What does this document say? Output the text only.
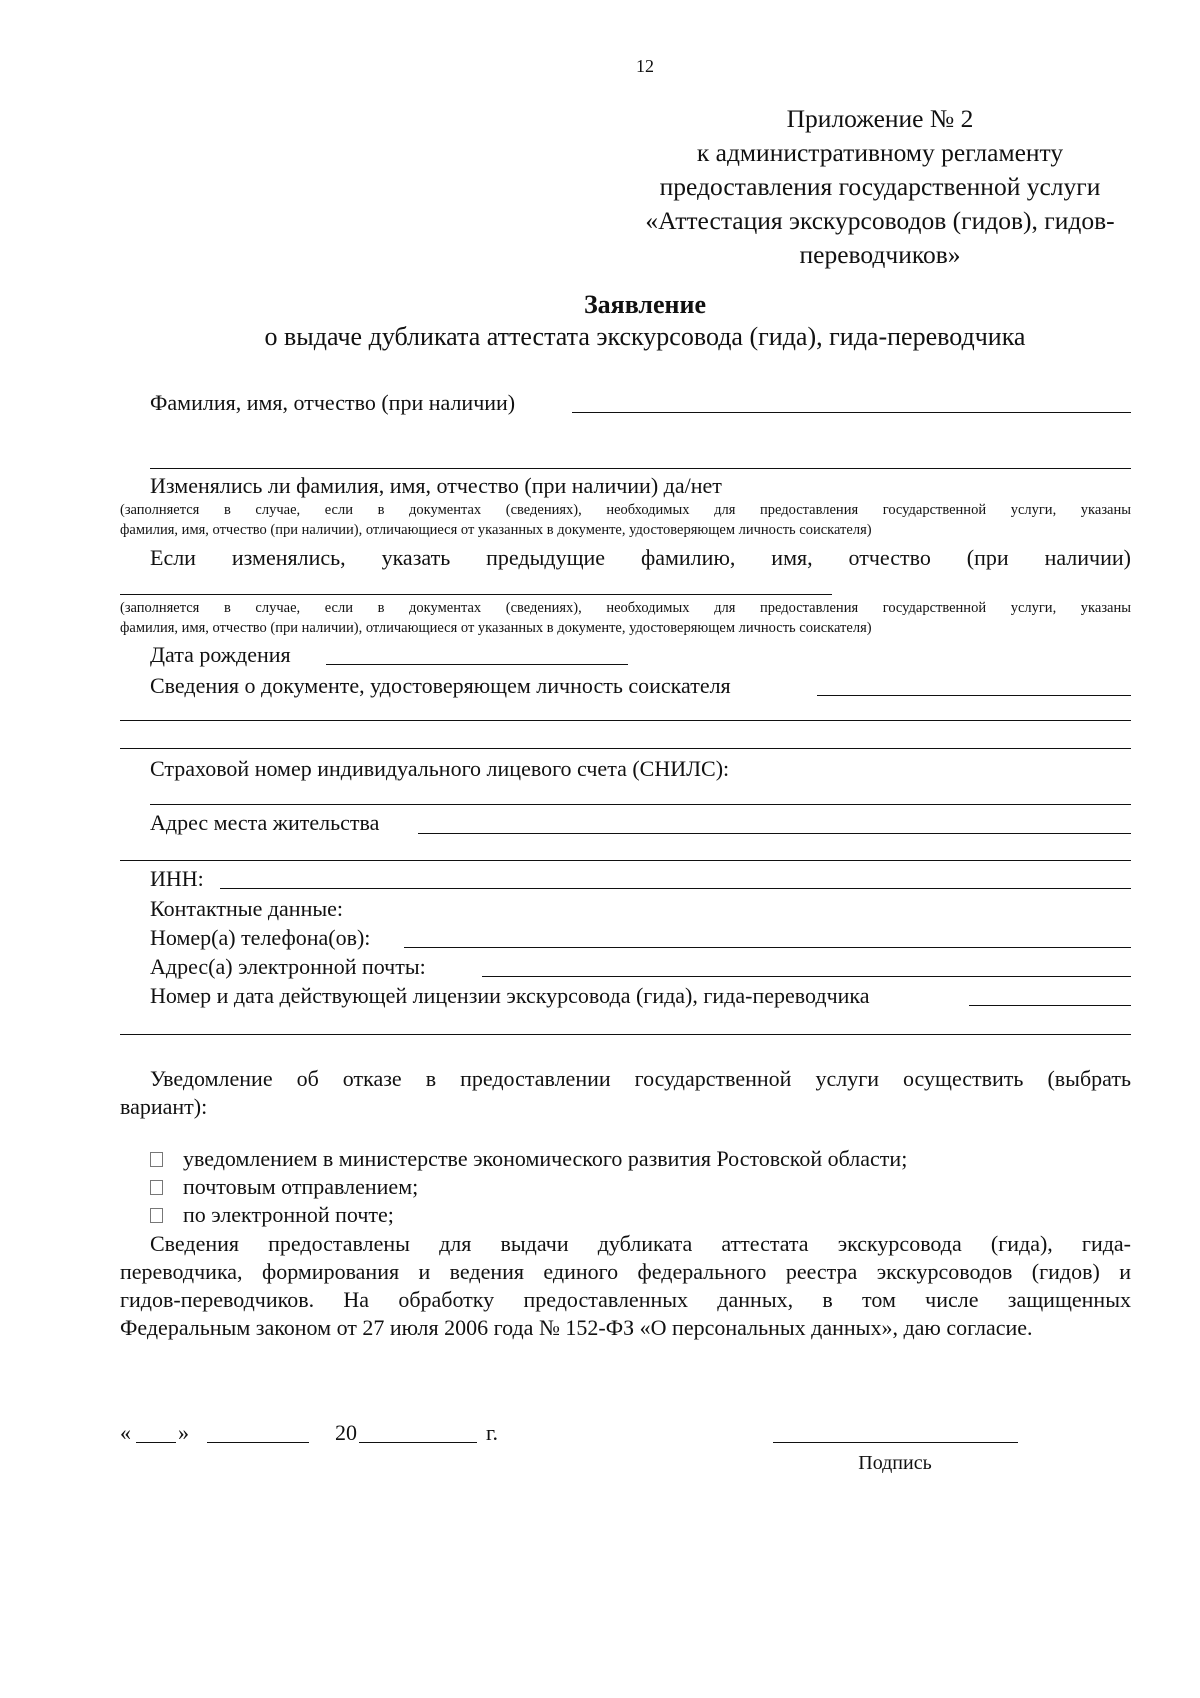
12
Приложение № 2
к административному регламенту
предоставления государственной услуги
«Аттестация экскурсоводов (гидов), гидов-
переводчиков»
Заявление
о выдаче дубликата аттестата экскурсовода (гида), гида-переводчика
Фамилия, имя, отчество (при наличии)
Изменялись ли фамилия, имя, отчество (при наличии) да/нет
(заполняется в случае, если в документах (сведениях), необходимых для предоставления государственной услуги, указаны
фамилия, имя, отчество (при наличии), отличающиеся от указанных в документе, удостоверяющем личность соискателя)
Если изменялись, указать предыдущие фамилию, имя, отчество (при наличии)
(заполняется в случае, если в документах (сведениях), необходимых для предоставления государственной услуги, указаны
фамилия, имя, отчество (при наличии), отличающиеся от указанных в документе, удостоверяющем личность соискателя)
Дата рождения
Сведения о документе, удостоверяющем личность соискателя
Страховой номер индивидуального лицевого счета (СНИЛС):
Адрес места жительства
ИНН:
Контактные данные:
Номер(а) телефона(ов):
Адрес(а) электронной почты:
Номер и дата действующей лицензии экскурсовода (гида), гида-переводчика
Уведомление об отказе в предоставлении государственной услуги осуществить (выбрать
вариант):
уведомлением в министерстве экономического развития Ростовской области;
почтовым отправлением;
по электронной почте;
Сведения предоставлены для выдачи дубликата аттестата экскурсовода (гида), гида-
переводчика, формирования и ведения единого федерального реестра экскурсоводов (гидов) и
гидов-переводчиков. На обработку предоставленных данных, в том числе защищенных
Федеральным законом от 27 июля 2006 года № 152-ФЗ «О персональных данных», даю согласие.
« »	20	г.
Подпись
